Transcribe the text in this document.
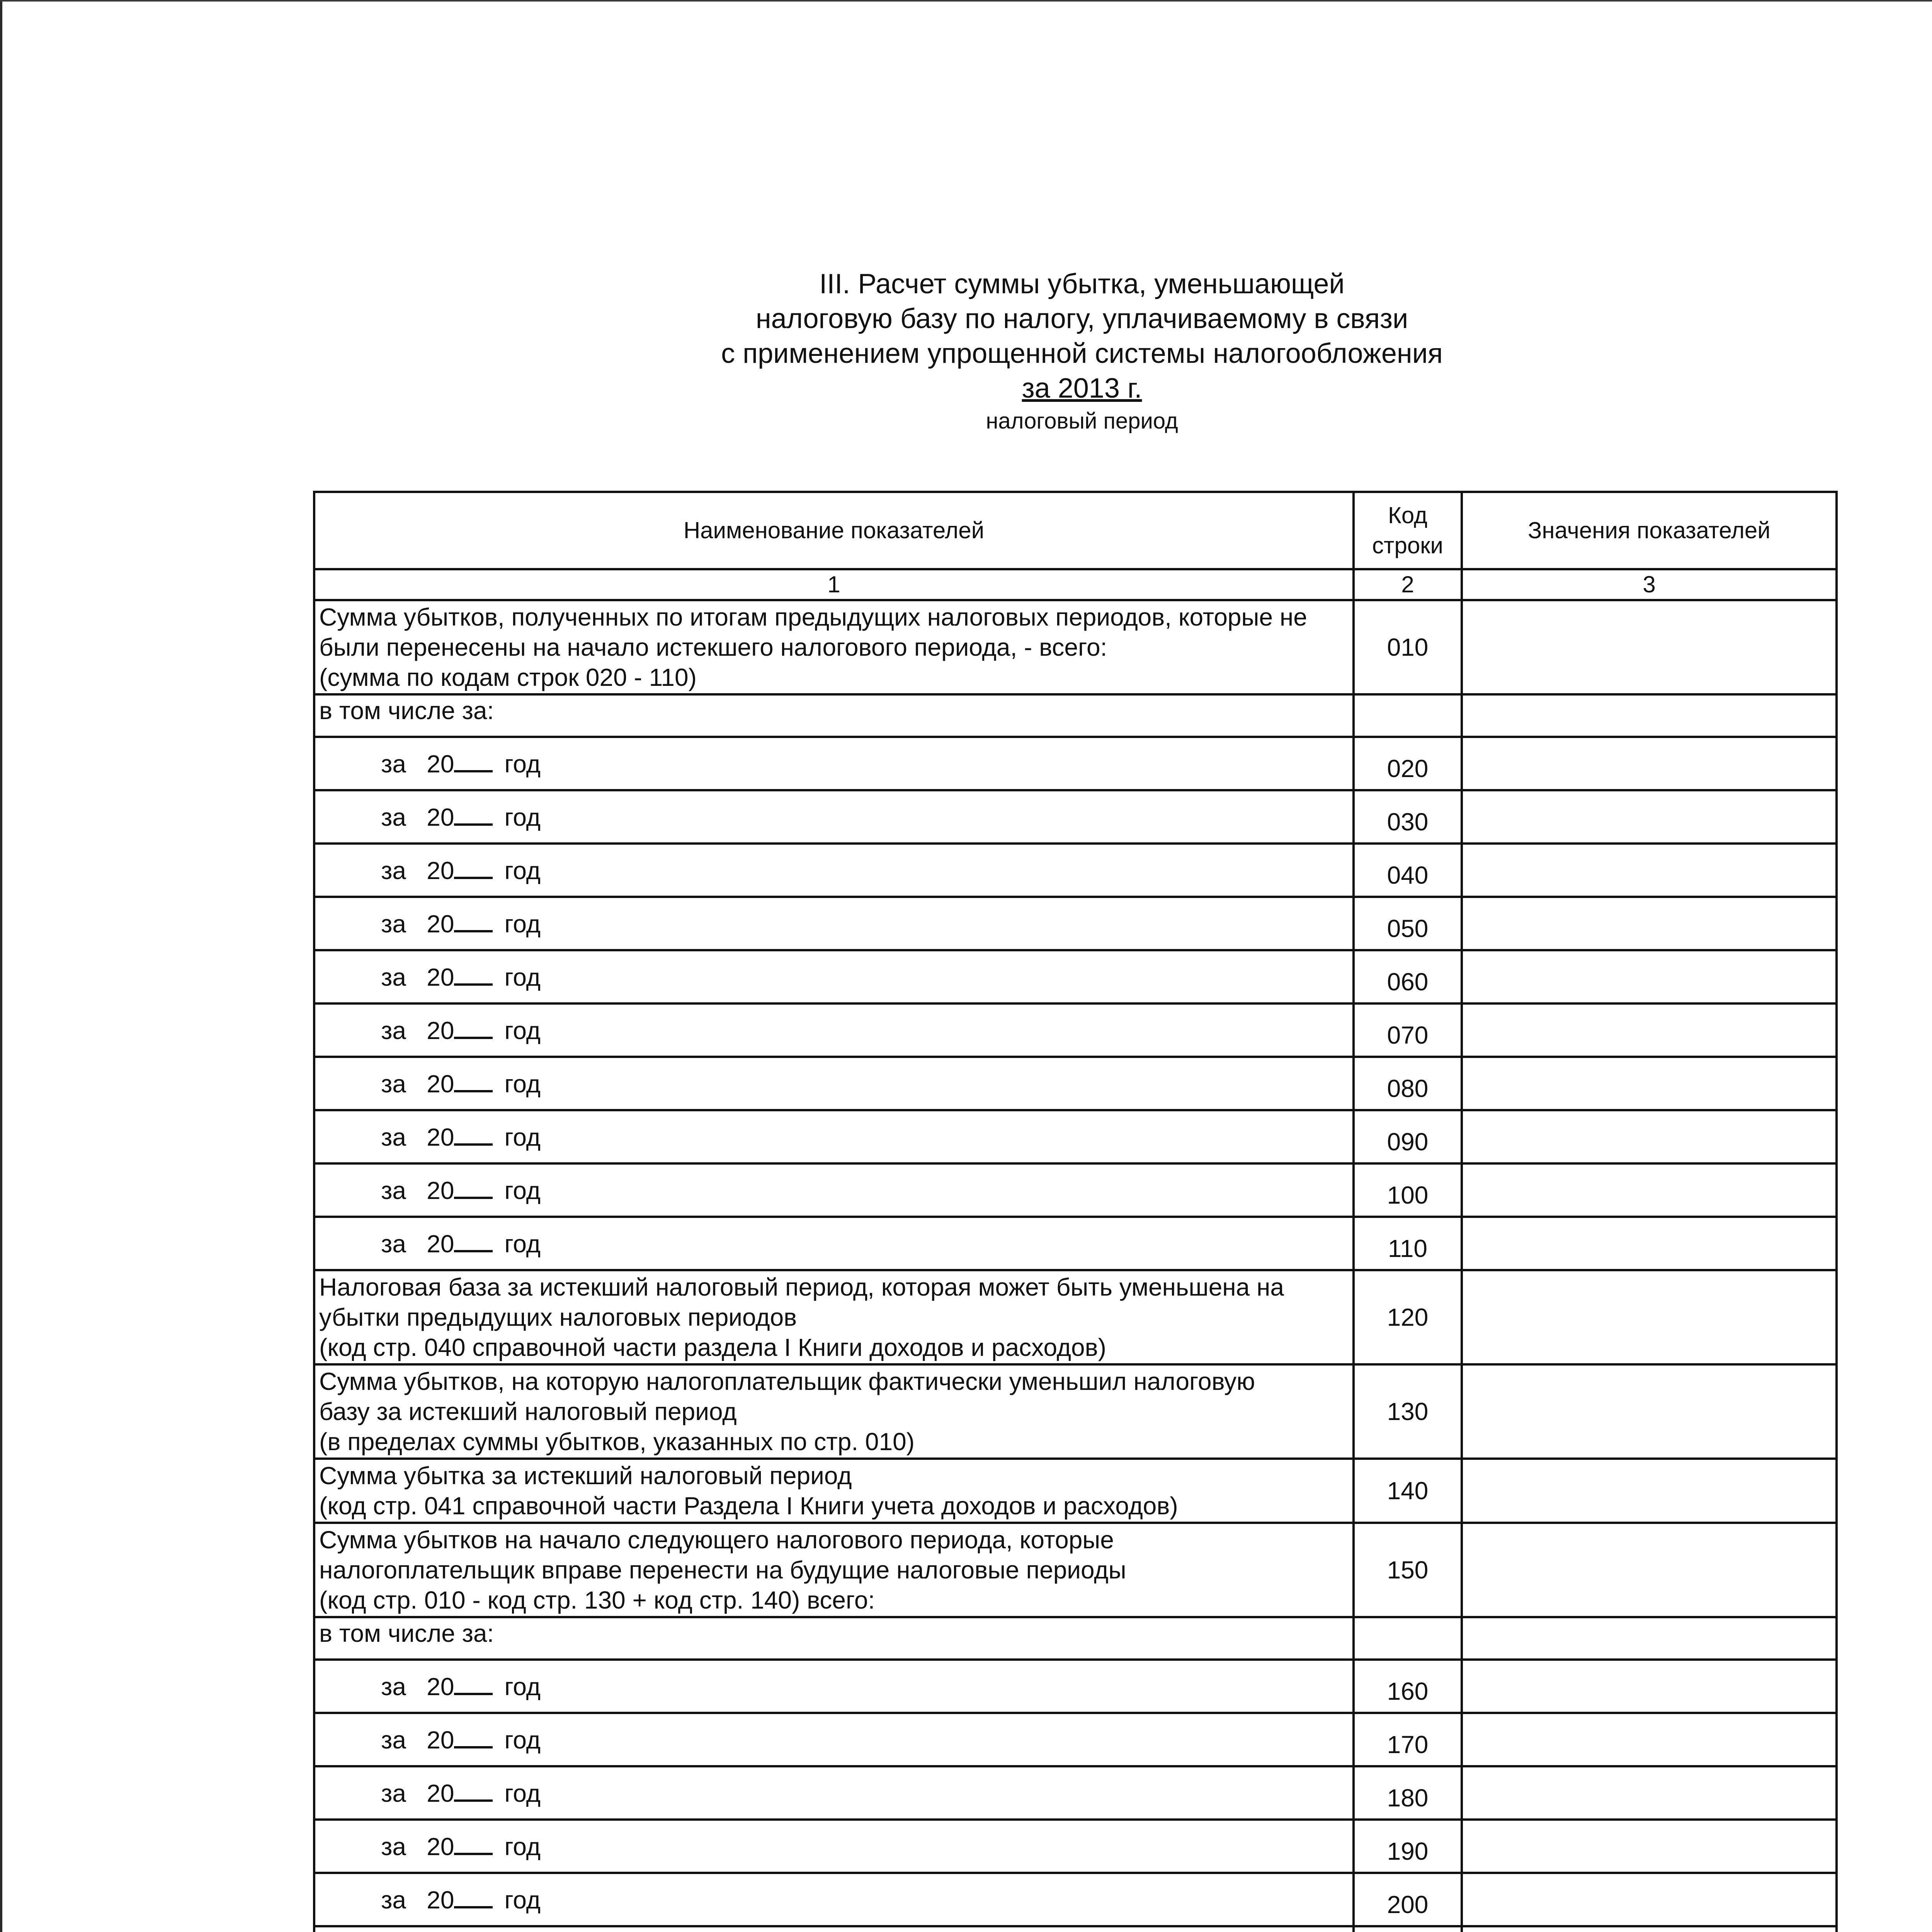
III. Расчет суммы убытка, уменьшающей
налоговую базу по налогу, уплачиваемому в связи
с применением упрощенной системы налогообложения
за 2013 г.
налоговый период
Наименование показателей	Код строки	Значения показателей
1	2	3

Сумма убытков, полученных по итогам предыдущих налоговых периодов, которые не
были перенесены на начало истекшего налогового периода, - всего:
(сумма по кодам строк 020 - 110)	010	
в том числе за:		
за   20 год	020	
за   20 год	030	
за   20 год	040	
за   20 год	050	
за   20 год	060	
за   20 год	070	
за   20 год	080	
за   20 год	090	
за   20 год	100	
за   20 год	110	

Налоговая база за истекший налоговый период, которая может быть уменьшена на
убытки предыдущих налоговых периодов
(код стр. 040 справочной части раздела I Книги доходов и расходов)	120	

Сумма убытков, на которую налогоплательщик фактически уменьшил налоговую
базу за истекший налоговый период
(в пределах суммы убытков, указанных по стр. 010)	130	

Сумма убытка за истекший налоговый период
(код стр. 041 справочной части Раздела I Книги учета доходов и расходов)	140	

Сумма убытков на начало следующего налогового периода, которые
налогоплательщик вправе перенести на будущие налоговые периоды
(код стр. 010 - код стр. 130 + код стр. 140) всего:	150	
в том числе за:		
за   20 год	160	
за   20 год	170	
за   20 год	180	
за   20 год	190	
за   20 год	200	
